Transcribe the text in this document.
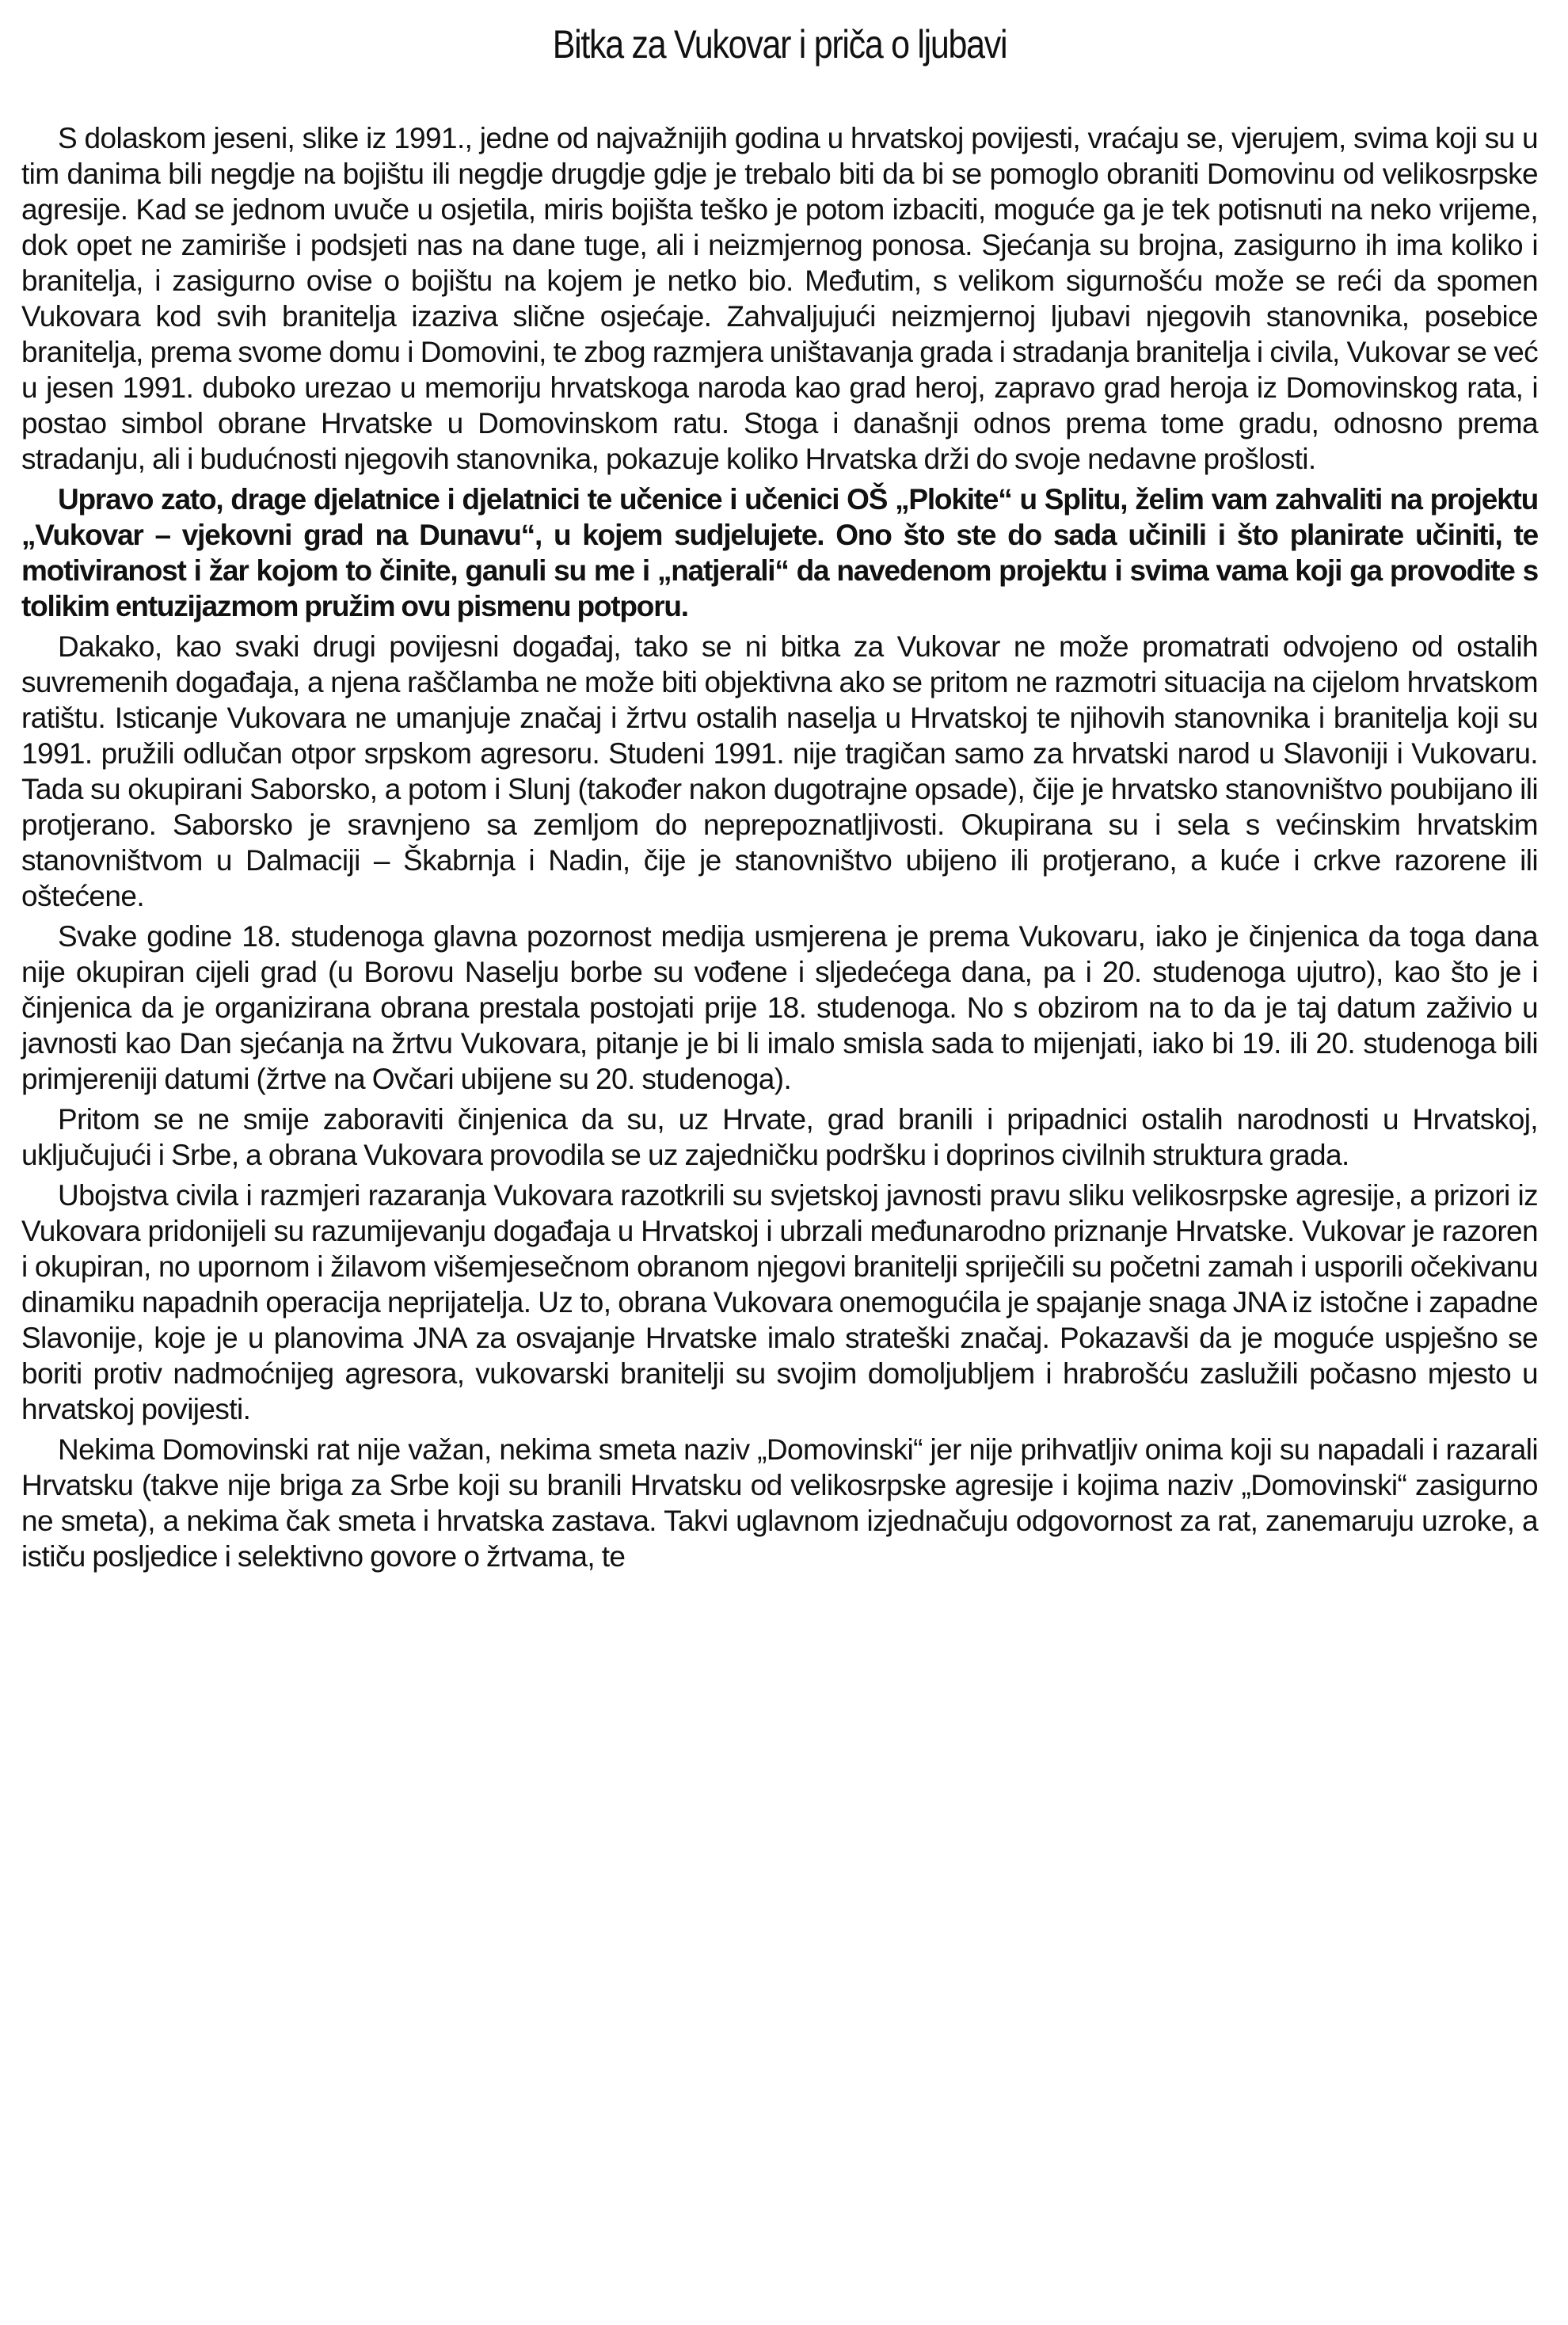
Bitka za Vukovar i priča o ljubavi

S dolaskom jeseni, slike iz 1991., jedne od najvažnijih godina u hrvatskoj povijesti, vraćaju se, vjerujem, svima koji su u tim danima bili negdje na bojištu ili negdje drugdje gdje je trebalo biti da bi se pomoglo obraniti Domovinu od velikosrpske agresije. Kad se jednom uvuče u osjetila, miris bojišta teško je potom izbaciti, moguće ga je tek potisnuti na neko vrijeme, dok opet ne zamiriše i podsjeti nas na dane tuge, ali i neizmjernog ponosa. Sjećanja su brojna, zasigurno ih ima koliko i branitelja, i zasigurno ovise o bojištu na kojem je netko bio. Međutim, s velikom sigurnošću može se reći da spomen Vukovara kod svih branitelja izaziva slične osjećaje. Zahvaljujući neizmjernoj ljubavi njegovih stanovnika, posebice branitelja, prema svome domu i Domovini, te zbog razmjera uništavanja grada i stradanja branitelja i civila, Vukovar se već u jesen 1991. duboko urezao u memoriju hrvatskoga naroda kao grad heroj, zapravo grad heroja iz Domovinskog rata, i postao simbol obrane Hrvatske u Domovinskom ratu. Stoga i današnji odnos prema tome gradu, odnosno prema stradanju, ali i budućnosti njegovih stanovnika, pokazuje koliko Hrvatska drži do svoje nedavne prošlosti.

Upravo zato, drage djelatnice i djelatnici te učenice i učenici OŠ „Plokite“ u Splitu, želim vam zahvaliti na projektu „Vukovar – vjekovni grad na Dunavu“, u kojem sudjelujete. Ono što ste do sada učinili i što planirate učiniti, te motiviranost i žar kojom to činite, ganuli su me i „natjerali“ da navedenom projektu i svima vama koji ga provodite s tolikim entuzijazmom pružim ovu pismenu potporu.

Dakako, kao svaki drugi povijesni događaj, tako se ni bitka za Vukovar ne može promatrati odvojeno od ostalih suvremenih događaja, a njena raščlamba ne može biti objektivna ako se pritom ne razmotri situacija na cijelom hrvatskom ratištu. Isticanje Vukovara ne umanjuje značaj i žrtvu ostalih naselja u Hrvatskoj te njihovih stanovnika i branitelja koji su 1991. pružili odlučan otpor srpskom agresoru. Studeni 1991. nije tragičan samo za hrvatski narod u Slavoniji i Vukovaru. Tada su okupirani Saborsko, a potom i Slunj (također nakon dugotrajne opsade), čije je hrvatsko stanovništvo poubijano ili protjerano. Saborsko je sravnjeno sa zemljom do neprepoznatljivosti. Okupirana su i sela s većinskim hrvatskim stanovništvom u Dalmaciji – Škabrnja i Nadin, čije je stanovništvo ubijeno ili protjerano, a kuće i crkve razorene ili oštećene.

Svake godine 18. studenoga glavna pozornost medija usmjerena je prema Vukovaru, iako je činjenica da toga dana nije okupiran cijeli grad (u Borovu Naselju borbe su vođene i sljedećega dana, pa i 20. studenoga ujutro), kao što je i činjenica da je organizirana obrana prestala postojati prije 18. studenoga. No s obzirom na to da je taj datum zaživio u javnosti kao Dan sjećanja na žrtvu Vukovara, pitanje je bi li imalo smisla sada to mijenjati, iako bi 19. ili 20. studenoga bili primjereniji datumi (žrtve na Ovčari ubijene su 20. studenoga).

Pritom se ne smije zaboraviti činjenica da su, uz Hrvate, grad branili i pripadnici ostalih narodnosti u Hrvatskoj, uključujući i Srbe, a obrana Vukovara provodila se uz zajedničku podršku i doprinos civilnih struktura grada.

Ubojstva civila i razmjeri razaranja Vukovara razotkrili su svjetskoj javnosti pravu sliku velikosrpske agresije, a prizori iz Vukovara pridonijeli su razumijevanju događaja u Hrvatskoj i ubrzali međunarodno priznanje Hrvatske. Vukovar je razoren i okupiran, no upornom i žilavom višemjesečnom obranom njegovi branitelji spriječili su početni zamah i usporili očekivanu dinamiku napadnih operacija neprijatelja. Uz to, obrana Vukovara onemogućila je spajanje snaga JNA iz istočne i zapadne Slavonije, koje je u planovima JNA za osvajanje Hrvatske imalo strateški značaj. Pokazavši da je moguće uspješno se boriti protiv nadmoćnijeg agresora, vukovarski branitelji su svojim domoljubljem i hrabrošću zaslužili počasno mjesto u hrvatskoj povijesti.

Nekima Domovinski rat nije važan, nekima smeta naziv „Domovinski“ jer nije prihvatljiv onima koji su napadali i razarali Hrvatsku (takve nije briga za Srbe koji su branili Hrvatsku od velikosrpske agresije i kojima naziv „Domovinski“ zasigurno ne smeta), a nekima čak smeta i hrvatska zastava. Takvi uglavnom izjednačuju odgovornost za rat, zanemaruju uzroke, a ističu posljedice i selektivno govore o žrtvama, te
